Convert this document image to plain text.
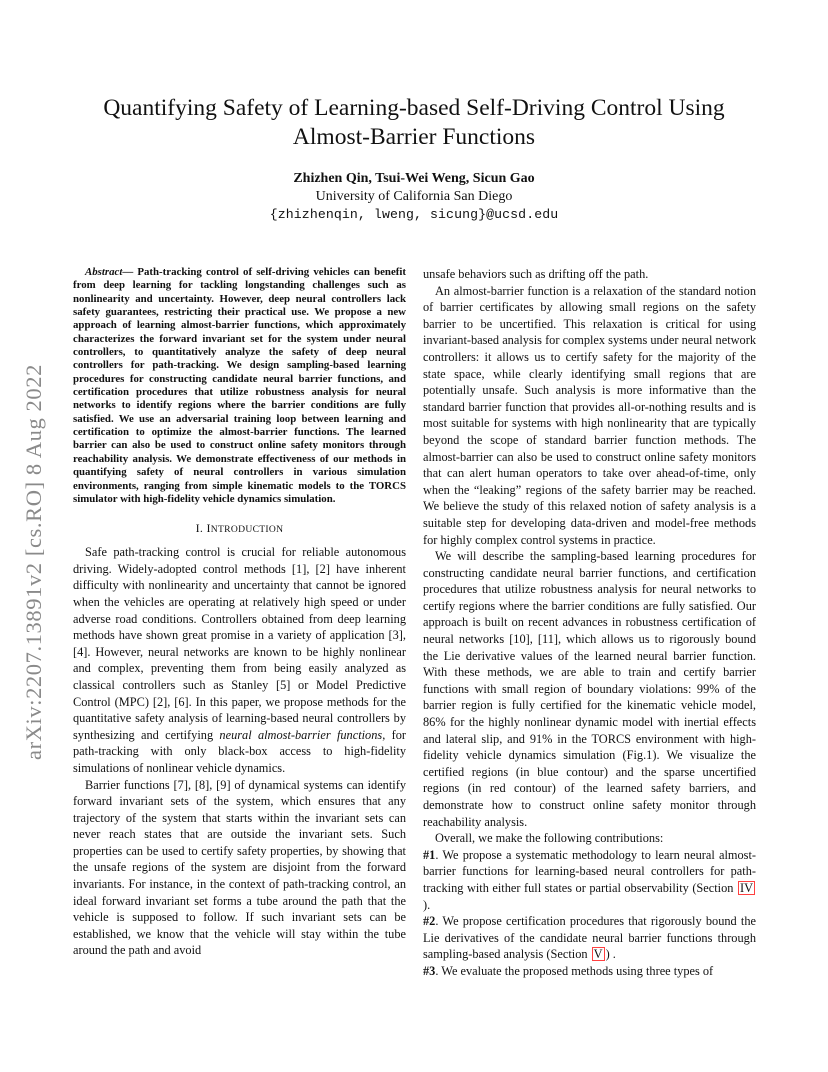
Quantifying Safety of Learning-based Self-Driving Control Using
Almost-Barrier Functions
Zhizhen Qin, Tsui-Wei Weng, Sicun Gao
University of California San Diego
{zhizhenqin, lweng, sicung}@ucsd.edu
arXiv:2207.13891v2 [cs.RO] 8 Aug 2022

Abstract— Path-tracking control of self-driving vehicles can benefit from deep learning for tackling longstanding challenges such as nonlinearity and uncertainty. However, deep neural controllers lack safety guarantees, restricting their practical use. We propose a new approach of learning almost-barrier functions, which approximately characterizes the forward invariant set for the system under neural controllers, to quantitatively analyze the safety of deep neural controllers for path-tracking. We design sampling-based learning procedures for constructing candidate neural barrier functions, and certification procedures that utilize robustness analysis for neural networks to identify regions where the barrier conditions are fully satisfied. We use an adversarial training loop between learning and certification to optimize the almost-barrier functions. The learned barrier can also be used to construct online safety monitors through reachability analysis. We demonstrate effectiveness of our methods in quantifying safety of neural controllers in various simulation environments, ranging from simple kinematic models to the TORCS simulator with high-fidelity vehicle dynamics simulation.

I. INTRODUCTION

Safe path-tracking control is crucial for reliable autonomous driving. Widely-adopted control methods [1], [2] have inherent difficulty with nonlinearity and uncertainty that cannot be ignored when the vehicles are operating at relatively high speed or under adverse road conditions. Controllers obtained from deep learning methods have shown great promise in a variety of application [3], [4]. However, neural networks are known to be highly nonlinear and complex, preventing them from being easily analyzed as classical controllers such as Stanley [5] or Model Predictive Control (MPC) [2], [6]. In this paper, we propose methods for the quantitative safety analysis of learning-based neural controllers by synthesizing and certifying neural almost-barrier functions, for path-tracking with only black-box access to high-fidelity simulations of nonlinear vehicle dynamics.

Barrier functions [7], [8], [9] of dynamical systems can identify forward invariant sets of the system, which ensures that any trajectory of the system that starts within the invariant sets can never reach states that are outside the invariant sets. Such properties can be used to certify safety properties, by showing that the unsafe regions of the system are disjoint from the forward invariants. For instance, in the context of path-tracking control, an ideal forward invariant set forms a tube around the path that the vehicle is supposed to follow. If such invariant sets can be established, we know that the vehicle will stay within the tube around the path and avoid

unsafe behaviors such as drifting off the path.

An almost-barrier function is a relaxation of the standard notion of barrier certificates by allowing small regions on the safety barrier to be uncertified. This relaxation is critical for using invariant-based analysis for complex systems under neural network controllers: it allows us to certify safety for the majority of the state space, while clearly identifying small regions that are potentially unsafe. Such analysis is more informative than the standard barrier function that provides all-or-nothing results and is most suitable for systems with high nonlinearity that are typically beyond the scope of standard barrier function methods. The almost-barrier can also be used to construct online safety monitors that can alert human operators to take over ahead-of-time, only when the “leaking” regions of the safety barrier may be reached. We believe the study of this relaxed notion of safety analysis is a suitable step for developing data-driven and model-free methods for highly complex control systems in practice.

We will describe the sampling-based learning procedures for constructing candidate neural barrier functions, and certification procedures that utilize robustness analysis for neural networks to certify regions where the barrier conditions are fully satisfied. Our approach is built on recent advances in robustness certification of neural networks [10], [11], which allows us to rigorously bound the Lie derivative values of the learned neural barrier function. With these methods, we are able to train and certify barrier functions with small region of boundary violations: 99% of the barrier region is fully certified for the kinematic vehicle model, 86% for the highly nonlinear dynamic model with inertial effects and lateral slip, and 91% in the TORCS environment with high-fidelity vehicle dynamics simulation (Fig.1). We visualize the certified regions (in blue contour) and the sparse uncertified regions (in red contour) of the learned safety barriers, and demonstrate how to construct online safety monitor through reachability analysis.

Overall, we make the following contributions:

#1. We propose a systematic methodology to learn neural almost-barrier functions for learning-based neural controllers for path-tracking with either full states or partial observability (Section IV).

#2. We propose certification procedures that rigorously bound the Lie derivatives of the candidate neural barrier functions through sampling-based analysis (Section V ) .

#3. We evaluate the proposed methods using three types of
